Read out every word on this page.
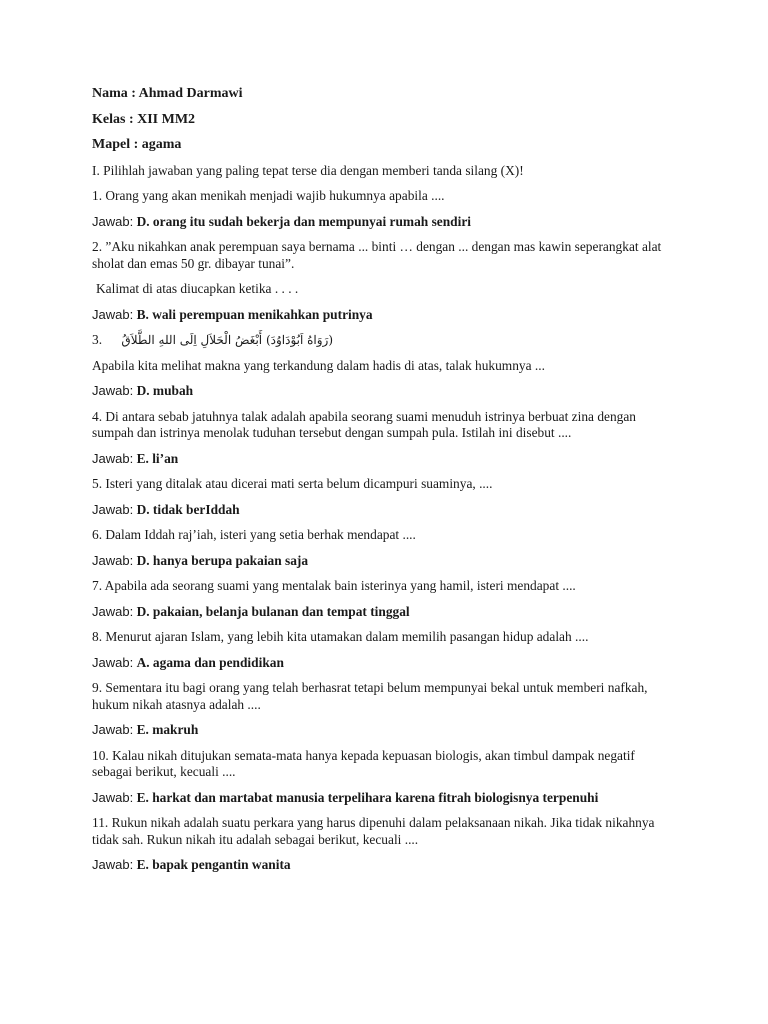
Nama : Ahmad Darmawi
Kelas : XII MM2
Mapel : agama
I. Pilihlah jawaban yang paling tepat terse dia dengan memberi tanda silang (X)!
1. Orang yang akan menikah menjadi wajib hukumnya apabila ....
Jawab: D. orang itu sudah bekerja dan mempunyai rumah sendiri
2. ”Aku nikahkan anak perempuan saya bernama ... binti … dengan ... dengan mas kawin seperangkat alat sholat dan emas 50 gr. dibayar tunai”.
Kalimat di atas diucapkan ketika . . . .
Jawab: B. wali perempuan menikahkan putrinya
3. (رَوَاهُ اَبُوْدَاوُدَ) أَبْغَضُ الْحَلاَلِ اِلَى اللهِ الطَّلاَقُ
Apabila kita melihat makna yang terkandung dalam hadis di atas, talak hukumnya ...
Jawab: D. mubah
4. Di antara sebab jatuhnya talak adalah apabila seorang suami menuduh istrinya berbuat zina dengan sumpah dan istrinya menolak tuduhan tersebut dengan sumpah pula. Istilah ini disebut ....
Jawab: E. li’an
5. Isteri yang ditalak atau dicerai mati serta belum dicampuri suaminya, ....
Jawab: D. tidak berIddah
6. Dalam Iddah raj’iah, isteri yang setia berhak mendapat ....
Jawab: D. hanya berupa pakaian saja
7. Apabila ada seorang suami yang mentalak bain isterinya yang hamil, isteri mendapat ....
Jawab: D. pakaian, belanja bulanan dan tempat tinggal
8. Menurut ajaran Islam, yang lebih kita utamakan dalam memilih pasangan hidup adalah ....
Jawab: A. agama dan pendidikan
9. Sementara itu bagi orang yang telah berhasrat tetapi belum mempunyai bekal untuk memberi nafkah, hukum nikah atasnya adalah ....
Jawab: E. makruh
10. Kalau nikah ditujukan semata-mata hanya kepada kepuasan biologis, akan timbul dampak negatif sebagai berikut, kecuali ....
Jawab: E. harkat dan martabat manusia terpelihara karena fitrah biologisnya terpenuhi
11. Rukun nikah adalah suatu perkara yang harus dipenuhi dalam pelaksanaan nikah. Jika tidak nikahnya tidak sah. Rukun nikah itu adalah sebagai berikut, kecuali ....
Jawab: E. bapak pengantin wanita
